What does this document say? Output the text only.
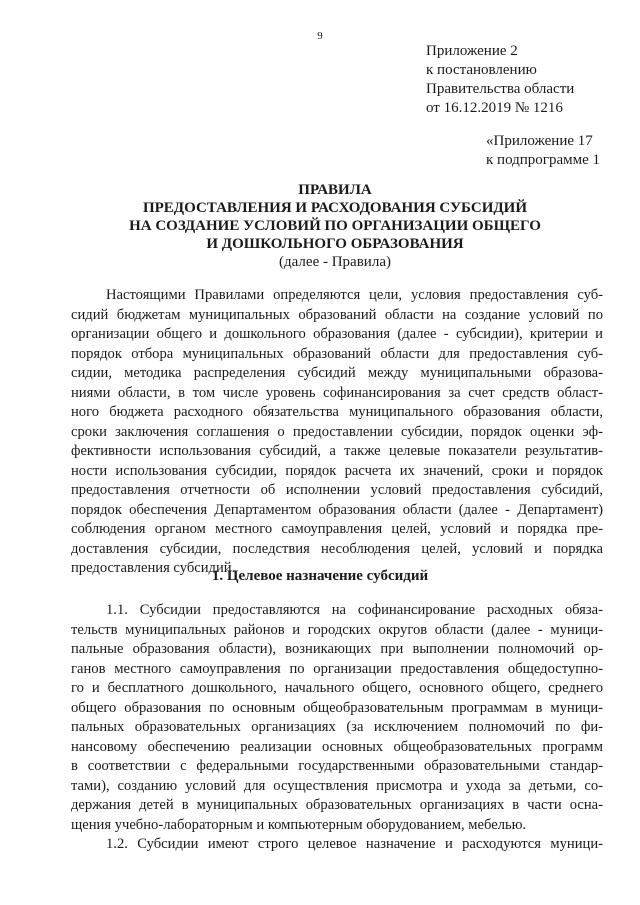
9
Приложение 2
к постановлению
Правительства области
от 16.12.2019 № 1216
«Приложение 17
к подпрограмме 1
ПРАВИЛА
ПРЕДОСТАВЛЕНИЯ И РАСХОДОВАНИЯ СУБСИДИЙ
НА СОЗДАНИЕ УСЛОВИЙ ПО ОРГАНИЗАЦИИ ОБЩЕГО
И ДОШКОЛЬНОГО ОБРАЗОВАНИЯ
(далее - Правила)
Настоящими Правилами определяются цели, условия предоставления суб-
сидий бюджетам муниципальных образований области на создание условий по
организации общего и дошкольного образования (далее - субсидии), критерии и
порядок отбора муниципальных образований области для предоставления суб-
сидии, методика распределения субсидий между муниципальными образова-
ниями области, в том числе уровень софинансирования за счет средств област-
ного бюджета расходного обязательства муниципального образования области,
сроки заключения соглашения о предоставлении субсидии, порядок оценки эф-
фективности использования субсидий, а также целевые показатели результатив-
ности использования субсидии, порядок расчета их значений, сроки и порядок
предоставления отчетности об исполнении условий предоставления субсидий,
порядок обеспечения Департаментом образования области (далее - Департамент)
соблюдения органом местного самоуправления целей, условий и порядка пре-
доставления субсидии, последствия несоблюдения целей, условий и порядка
предоставления субсидий.
1. Целевое назначение субсидий
1.1. Субсидии предоставляются на софинансирование расходных обяза-
тельств муниципальных районов и городских округов области (далее - муници-
пальные образования области), возникающих при выполнении полномочий ор-
ганов местного самоуправления по организации предоставления общедоступно-
го и бесплатного дошкольного, начального общего, основного общего, среднего
общего образования по основным общеобразовательным программам в муници-
пальных образовательных организациях (за исключением полномочий по фи-
нансовому обеспечению реализации основных общеобразовательных программ
в соответствии с федеральными государственными образовательными стандар-
тами), созданию условий для осуществления присмотра и ухода за детьми, со-
держания детей в муниципальных образовательных организациях в части осна-
щения учебно-лабораторным и компьютерным оборудованием, мебелью.
1.2. Субсидии имеют строго целевое назначение и расходуются муници-
